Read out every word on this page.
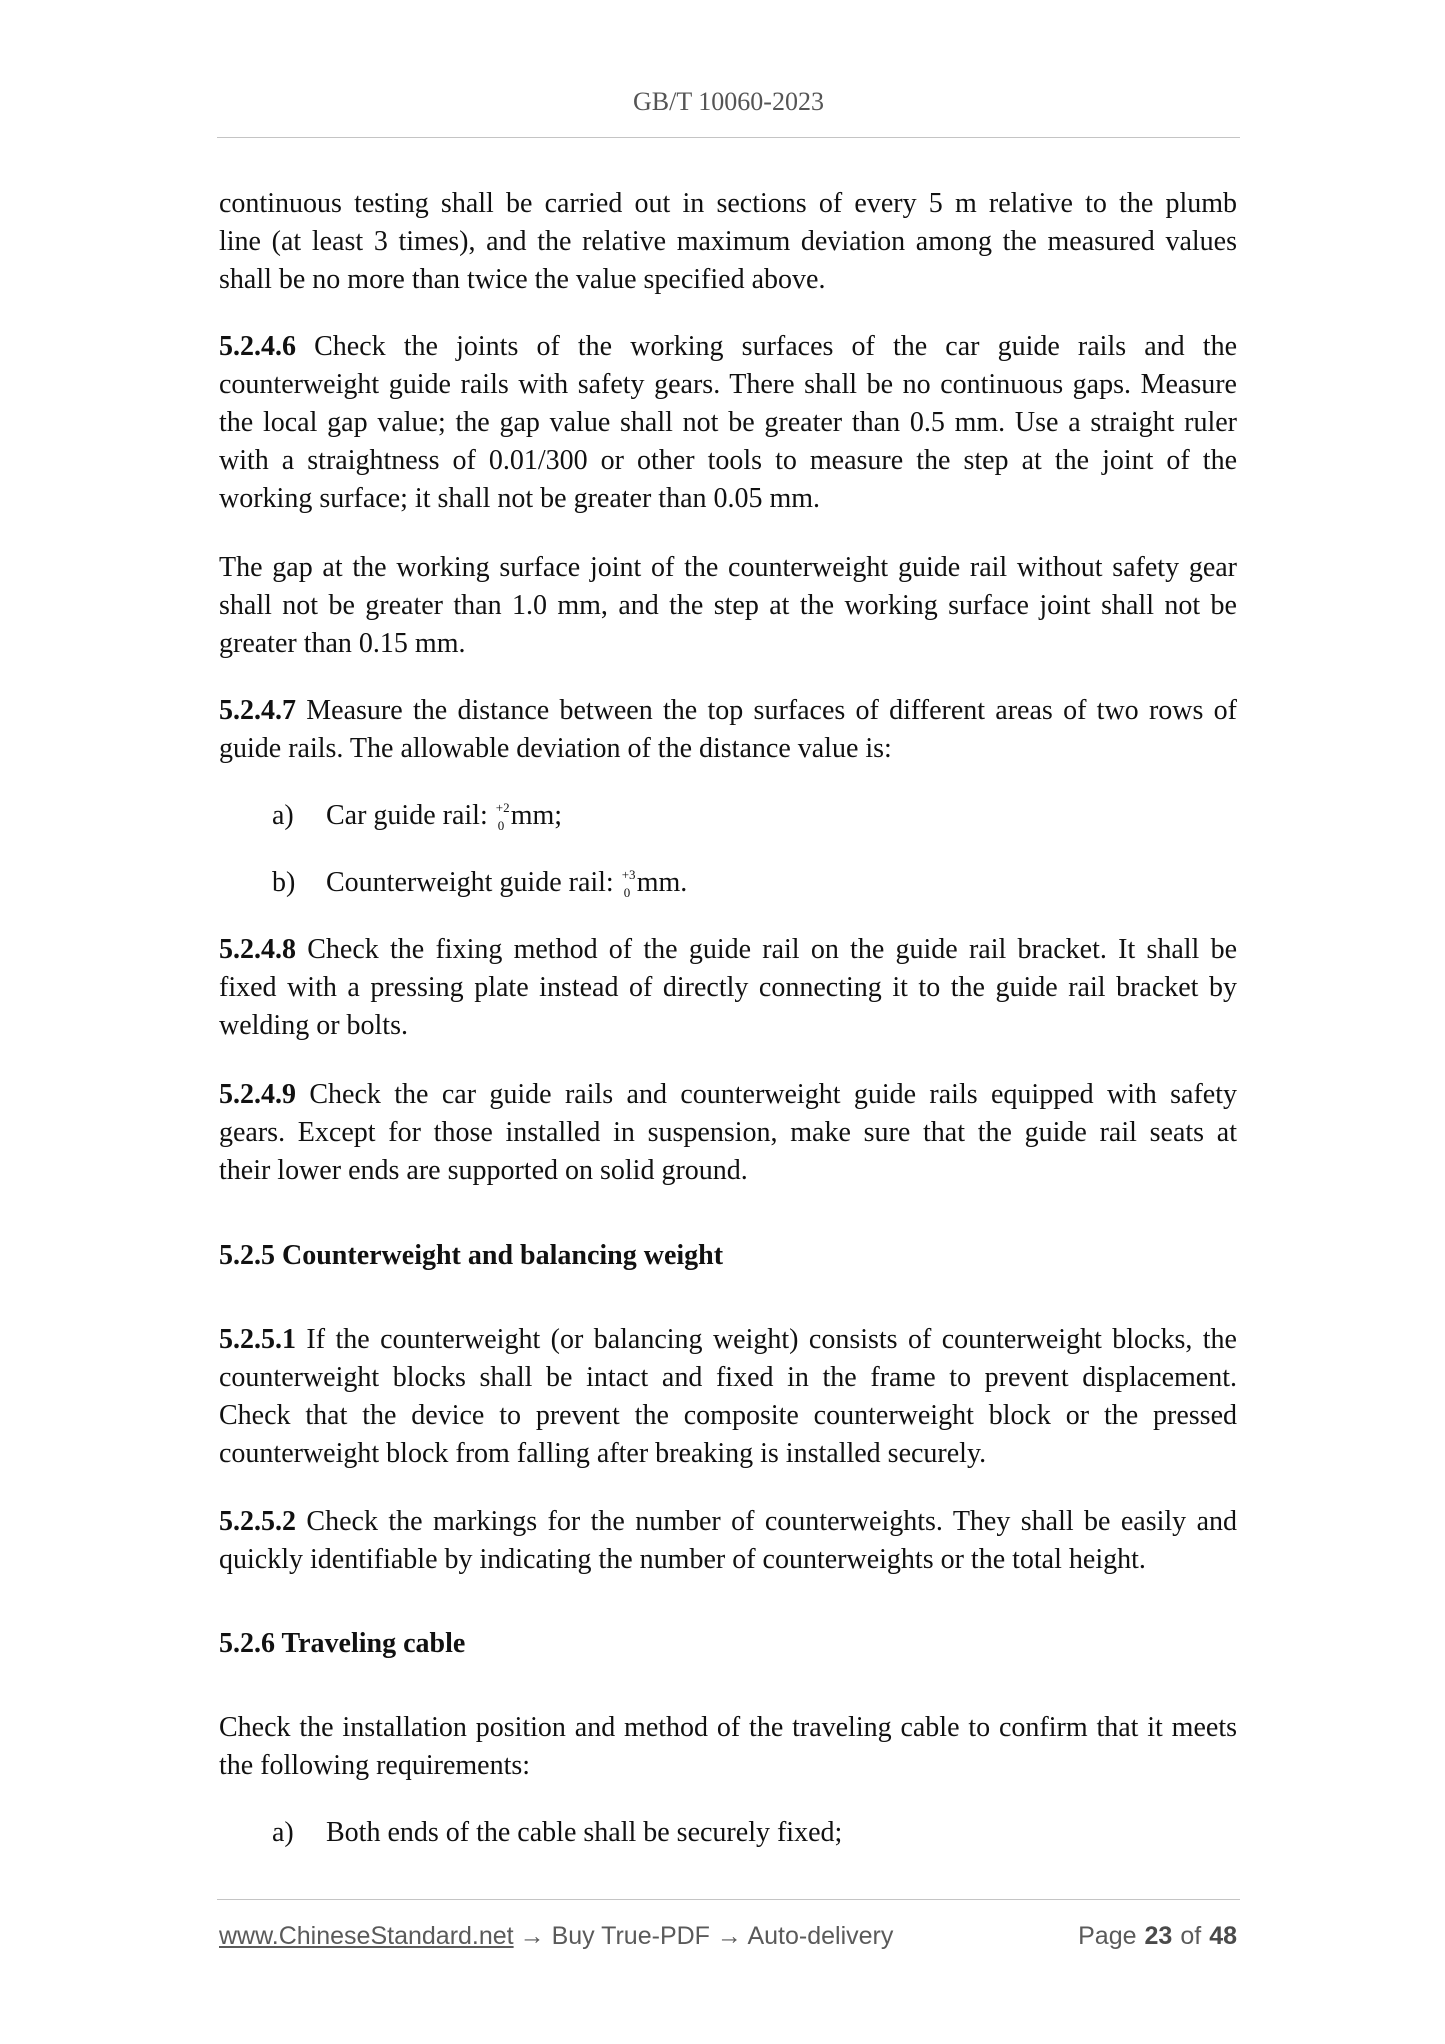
GB/T 10060-2023
continuous testing shall be carried out in sections of every 5 m relative to the plumb
line (at least 3 times), and the relative maximum deviation among the measured values
shall be no more than twice the value specified above.
5.2.4.6 Check the joints of the working surfaces of the car guide rails and the
counterweight guide rails with safety gears. There shall be no continuous gaps. Measure
the local gap value; the gap value shall not be greater than 0.5 mm. Use a straight ruler
with a straightness of 0.01/300 or other tools to measure the step at the joint of the
working surface; it shall not be greater than 0.05 mm.
The gap at the working surface joint of the counterweight guide rail without safety gear
shall not be greater than 1.0 mm, and the step at the working surface joint shall not be
greater than 0.15 mm.
5.2.4.7 Measure the distance between the top surfaces of different areas of two rows of
guide rails. The allowable deviation of the distance value is:
a) Car guide rail: +2
0 mm;
b) Counterweight guide rail: +3
0 mm.
5.2.4.8 Check the fixing method of the guide rail on the guide rail bracket. It shall be
fixed with a pressing plate instead of directly connecting it to the guide rail bracket by
welding or bolts.
5.2.4.9 Check the car guide rails and counterweight guide rails equipped with safety
gears. Except for those installed in suspension, make sure that the guide rail seats at
their lower ends are supported on solid ground.
5.2.5 Counterweight and balancing weight
5.2.5.1 If the counterweight (or balancing weight) consists of counterweight blocks, the
counterweight blocks shall be intact and fixed in the frame to prevent displacement.
Check that the device to prevent the composite counterweight block or the pressed
counterweight block from falling after breaking is installed securely.
5.2.5.2 Check the markings for the number of counterweights. They shall be easily and
quickly identifiable by indicating the number of counterweights or the total height.
5.2.6 Traveling cable
Check the installation position and method of the traveling cable to confirm that it meets
the following requirements:
a) Both ends of the cable shall be securely fixed;
www.ChineseStandard.net → Buy True-PDF → Auto-delivery	Page 23 of 48
